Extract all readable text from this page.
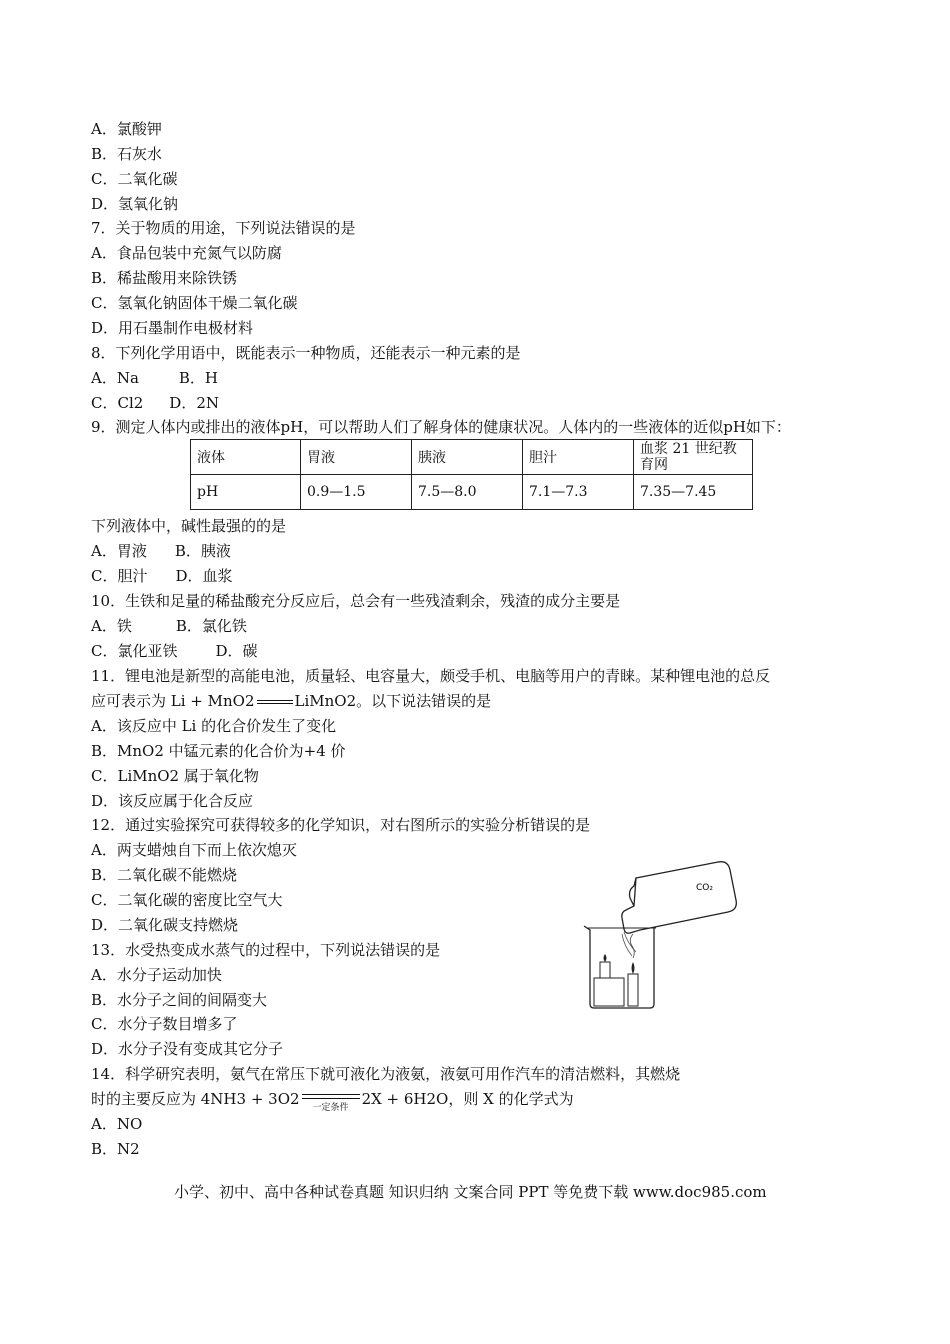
A．氯酸钾
B．石灰水
C．二氧化碳
D．氢氧化钠
7．关于物质的用途，下列说法错误的是
A．食品包装中充氮气以防腐
B．稀盐酸用来除铁锈
C．氢氧化钠固体干燥二氧化碳
D．用石墨制作电极材料
8．下列化学用语中，既能表示一种物质，还能表示一种元素的是
A．Na	B．H
C．Cl2 D．2N
9．测定人体内或排出的液体pH，可以帮助人们了解身体的健康状况。人体内的一些液体的近似pH如下：
液体	胃液	胰液	胆汁	血浆 21 世纪教育网
pH	0.9—1.5	7.5—8.0	7.1—7.3	7.35—7.45
下列液体中，碱性最强的的是
A．胃液 B．胰液
C．胆汁 D．血浆
10．生铁和足量的稀盐酸充分反应后，总会有一些残渣剩余，残渣的成分主要是
A．铁	B．氯化铁
C．氯化亚铁	D．碳
11．锂电池是新型的高能电池，质量轻、电容量大，颇受手机、电脑等用户的青睐。某种锂电池的总反
应可表示为 Li + MnO2	LiMnO2。以下说法错误的是
A．该反应中 Li 的化合价发生了变化
B．MnO2 中锰元素的化合价为+4 价
C．LiMnO2 属于氧化物
D．该反应属于化合反应
12．通过实验探究可获得较多的化学知识，对右图所示的实验分析错误的是
A．两支蜡烛自下而上依次熄灭
B．二氧化碳不能燃烧
C．二氧化碳的密度比空气大
D．二氧化碳支持燃烧
13．水受热变成水蒸气的过程中，下列说法错误的是
A．水分子运动加快
B．水分子之间的间隔变大
C．水分子数目增多了
D．水分子没有变成其它分子
14．科学研究表明，氨气在常压下就可液化为液氨，液氨可用作汽车的清洁燃料，其燃烧
时的主要反应为 4NH3 + 3O2	一定条件 2X + 6H2O，则 X 的化学式为
A．NO
B．N2
CO₂
小学、初中、高中各种试卷真题 知识归纳 文案合同 PPT 等免费下载 www.doc985.com
